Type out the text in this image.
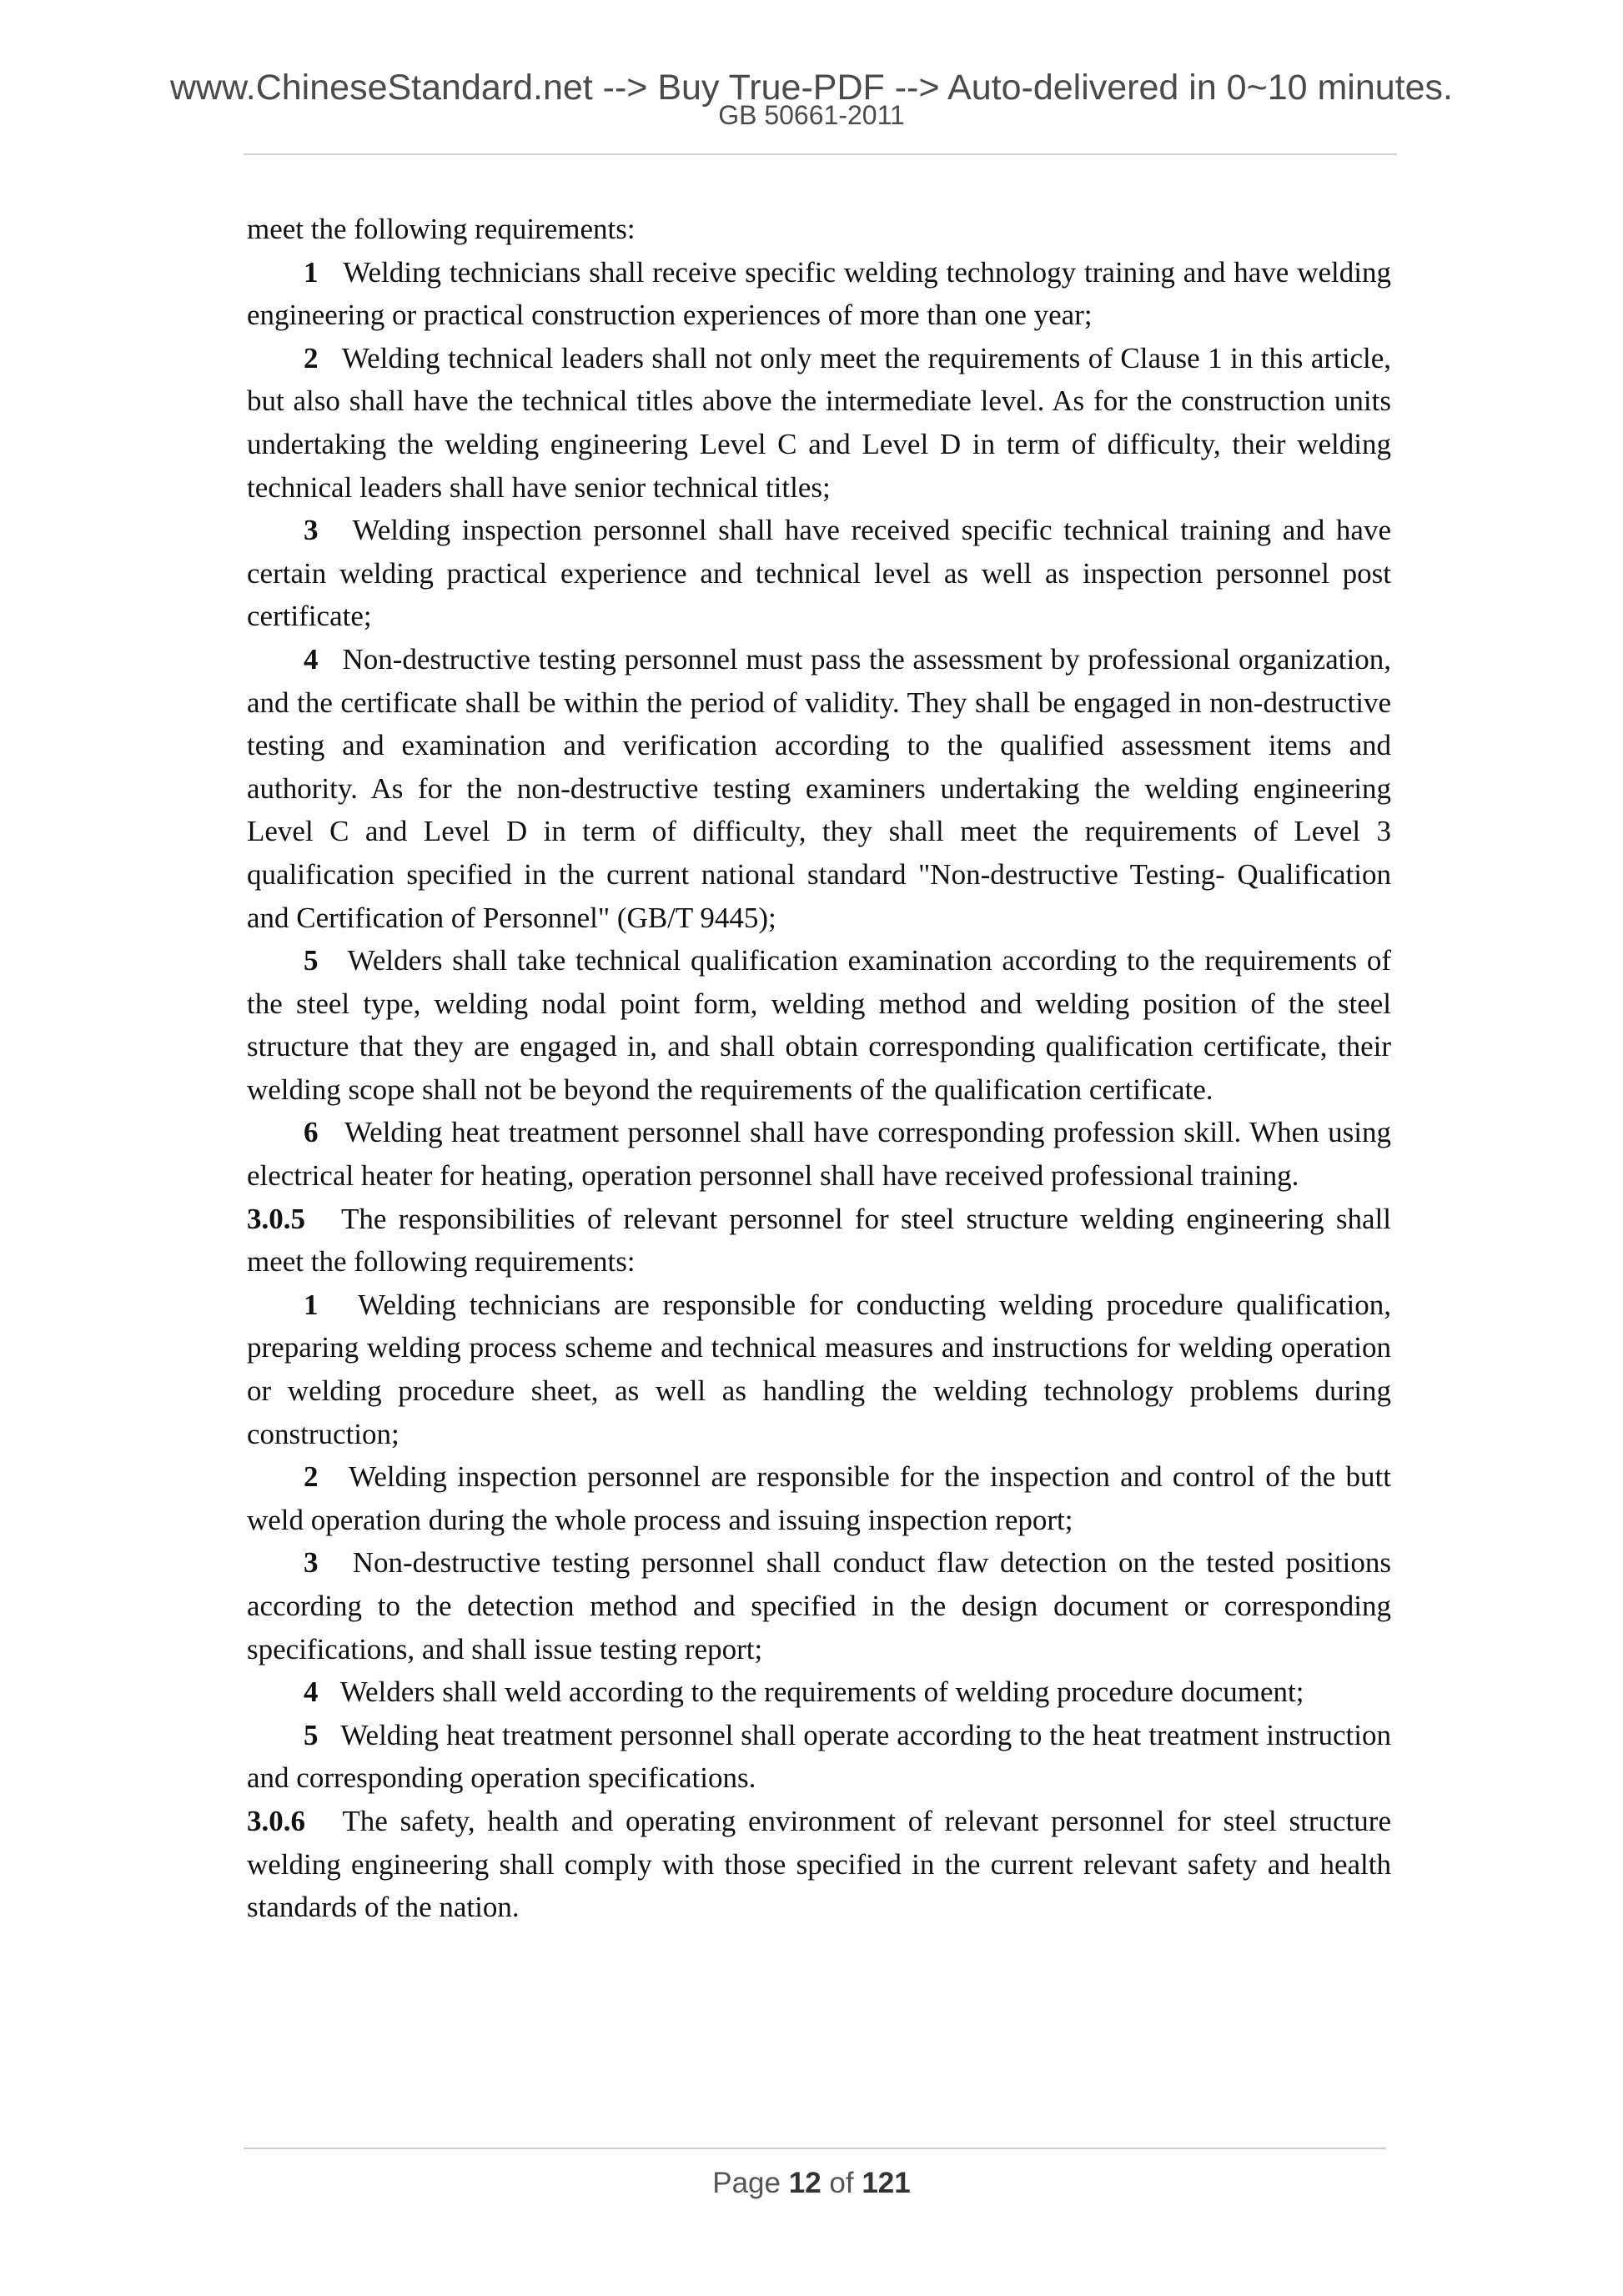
www.ChineseStandard.net --> Buy True-PDF --> Auto-delivered in 0~10 minutes.
GB 50661-2011

meet the following requirements:

1 Welding technicians shall receive specific welding technology training and have welding engineering or practical construction experiences of more than one year;

2 Welding technical leaders shall not only meet the requirements of Clause 1 in this article, but also shall have the technical titles above the intermediate level. As for the construction units undertaking the welding engineering Level C and Level D in term of difficulty, their welding technical leaders shall have senior technical titles;

3 Welding inspection personnel shall have received specific technical training and have certain welding practical experience and technical level as well as inspection personnel post certificate;

4 Non-destructive testing personnel must pass the assessment by professional organization, and the certificate shall be within the period of validity. They shall be engaged in non-destructive testing and examination and verification according to the qualified assessment items and authority. As for the non-destructive testing examiners undertaking the welding engineering Level C and Level D in term of difficulty, they shall meet the requirements of Level 3 qualification specified in the current national standard "Non-destructive Testing- Qualification and Certification of Personnel" (GB/T 9445);

5 Welders shall take technical qualification examination according to the requirements of the steel type, welding nodal point form, welding method and welding position of the steel structure that they are engaged in, and shall obtain corresponding qualification certificate, their welding scope shall not be beyond the requirements of the qualification certificate.

6 Welding heat treatment personnel shall have corresponding profession skill. When using electrical heater for heating, operation personnel shall have received professional training.

3.0.5 The responsibilities of relevant personnel for steel structure welding engineering shall meet the following requirements:

1 Welding technicians are responsible for conducting welding procedure qualification, preparing welding process scheme and technical measures and instructions for welding operation or welding procedure sheet, as well as handling the welding technology problems during construction;

2 Welding inspection personnel are responsible for the inspection and control of the butt weld operation during the whole process and issuing inspection report;

3 Non-destructive testing personnel shall conduct flaw detection on the tested positions according to the detection method and specified in the design document or corresponding specifications, and shall issue testing report;

4 Welders shall weld according to the requirements of welding procedure document;

5 Welding heat treatment personnel shall operate according to the heat treatment instruction and corresponding operation specifications.

3.0.6 The safety, health and operating environment of relevant personnel for steel structure welding engineering shall comply with those specified in the current relevant safety and health standards of the nation.

Page 12 of 121
